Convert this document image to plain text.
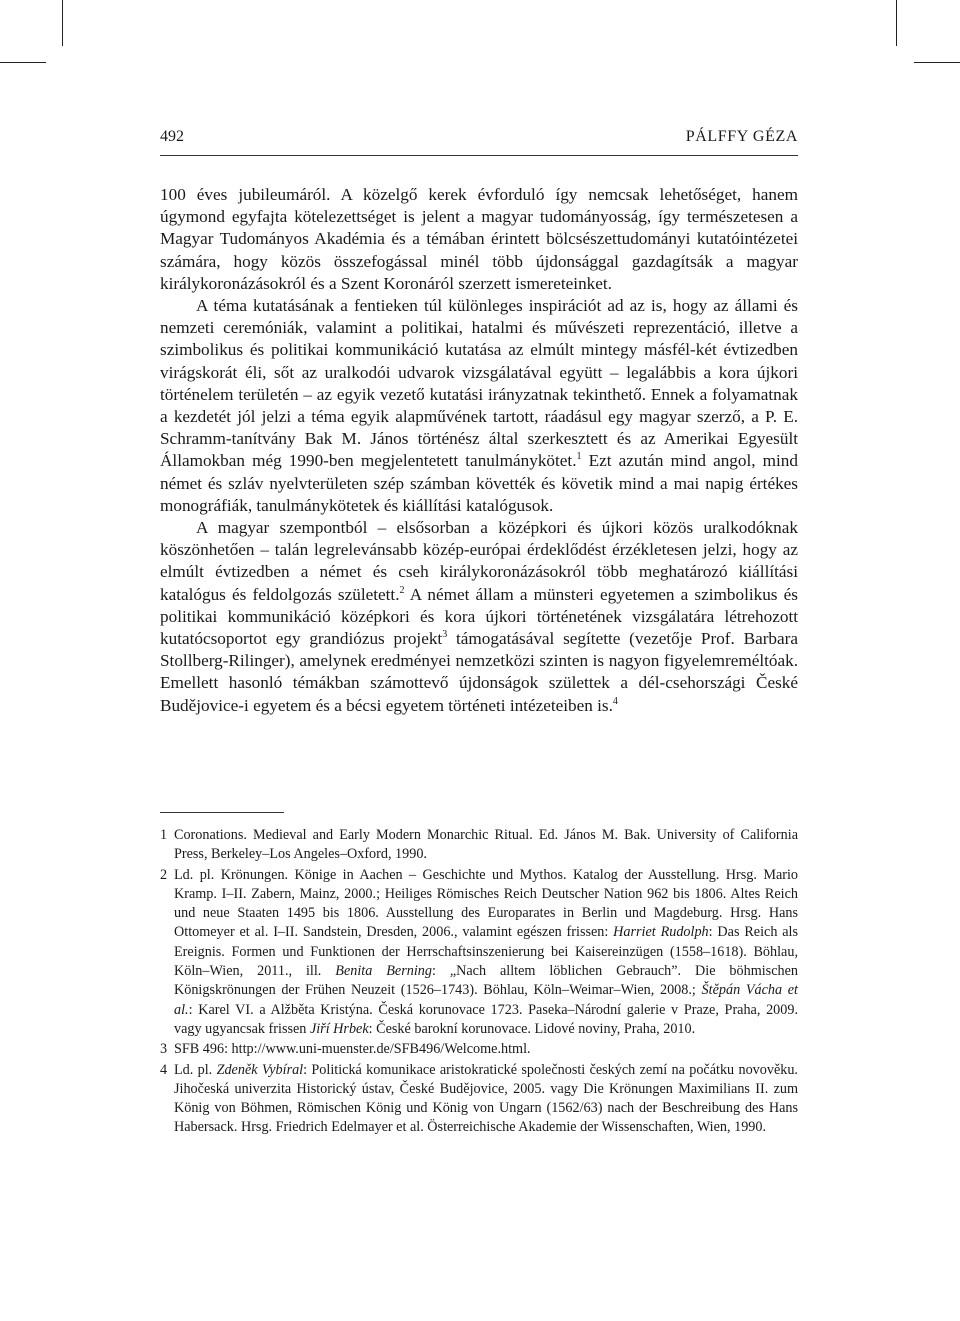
492	PÁLFFY GÉZA

100 éves jubileumáról. A közelgő kerek évforduló így nemcsak lehetőséget, hanem úgymond egyfajta kötelezettséget is jelent a magyar tudományosság, így természetesen a Magyar Tudományos Akadémia és a témában érintett bölcsészettudományi kutatóintézetei számára, hogy közös összefogással minél több újdonsággal gazdagítsák a magyar királykoronázásokról és a Szent Koronáról szerzett ismereteinket.

A téma kutatásának a fentieken túl különleges inspirációt ad az is, hogy az állami és nemzeti ceremóniák, valamint a politikai, hatalmi és művészeti reprezentáció, illetve a szimbolikus és politikai kommunikáció kutatása az elmúlt mintegy másfél-két évtizedben virágskorát éli, sőt az uralkodói udvarok vizsgálatával együtt – legalábbis a kora újkori történelem területén – az egyik vezető kutatási irányzatnak tekinthető. Ennek a folyamatnak a kezdetét jól jelzi a téma egyik alapművének tartott, ráadásul egy magyar szerző, a P. E. Schramm-tanítvány Bak M. János történész által szerkesztett és az Amerikai Egyesült Államokban még 1990-ben megjelentetett tanulmánykötet.$^1$ Ezt azután mind angol, mind német és szláv nyelvterületen szép számban követték és követik mind a mai napig értékes monográfiák, tanulmánykötetek és kiállítási katalógusok.

A magyar szempontból – elsősorban a középkori és újkori közös uralkodóknak köszönhetően – talán legrelevánsabb közép-európai érdeklődést érzékletesen jelzi, hogy az elmúlt évtizedben a német és cseh királykoronázásokról több meghatározó kiállítási katalógus és feldolgozás született.$^2$ A német állam a münsteri egyetemen a szimbolikus és politikai kommunikáció középkori és kora újkori történetének vizsgálatára létrehozott kutatócsoportot egy grandiózus projekt$^3$ támogatásával segítette (vezetője Prof. Barbara Stollberg-Rilinger), amelynek eredményei nemzetközi szinten is nagyon figyelemreméltóak. Emellett hasonló témákban számottevő újdonságok születtek a dél-csehországi České Budějovice-i egyetem és a bécsi egyetem történeti intézeteiben is.$^4$

1 Coronations. Medieval and Early Modern Monarchic Ritual. Ed. János M. Bak. University of California Press, Berkeley–Los Angeles–Oxford, 1990.
2 Ld. pl. Krönungen. Könige in Aachen – Geschichte und Mythos. Katalog der Ausstellung. Hrsg. Mario Kramp. I–II. Zabern, Mainz, 2000.; Heiliges Römisches Reich Deutscher Nation 962 bis 1806. Altes Reich und neue Staaten 1495 bis 1806. Ausstellung des Europarates in Berlin und Magdeburg. Hrsg. Hans Ottomeyer et al. I–II. Sandstein, Dresden, 2006., valamint egészen frissen: Harriet Rudolph: Das Reich als Ereignis. Formen und Funktionen der Herrschaftsinszenierung bei Kaisereinzügen (1558–1618). Böhlau, Köln–Wien, 2011., ill. Benita Berning: „Nach alltem löblichen Gebrauch”. Die böhmischen Königskrönungen der Frühen Neuzeit (1526–1743). Böhlau, Köln–Weimar–Wien, 2008.; Štěpán Vácha et al.: Karel VI. a Alžběta Kristýna. Česká korunovace 1723. Paseka–Národní galerie v Praze, Praha, 2009. vagy ugyancsak frissen Jiří Hrbek: České barokní korunovace. Lidové noviny, Praha, 2010.
3 SFB 496: http://www.uni-muenster.de/SFB496/Welcome.html.
4 Ld. pl. Zdeněk Vybíral: Politická komunikace aristokratické společnosti českých zemí na počátku novověku. Jihočeská univerzita Historický ústav, České Budějovice, 2005. vagy Die Krönungen Maximilians II. zum König von Böhmen, Römischen König und König von Ungarn (1562/63) nach der Beschreibung des Hans Habersack. Hrsg. Friedrich Edelmayer et al. Österreichische Akademie der Wissenschaften, Wien, 1990.
